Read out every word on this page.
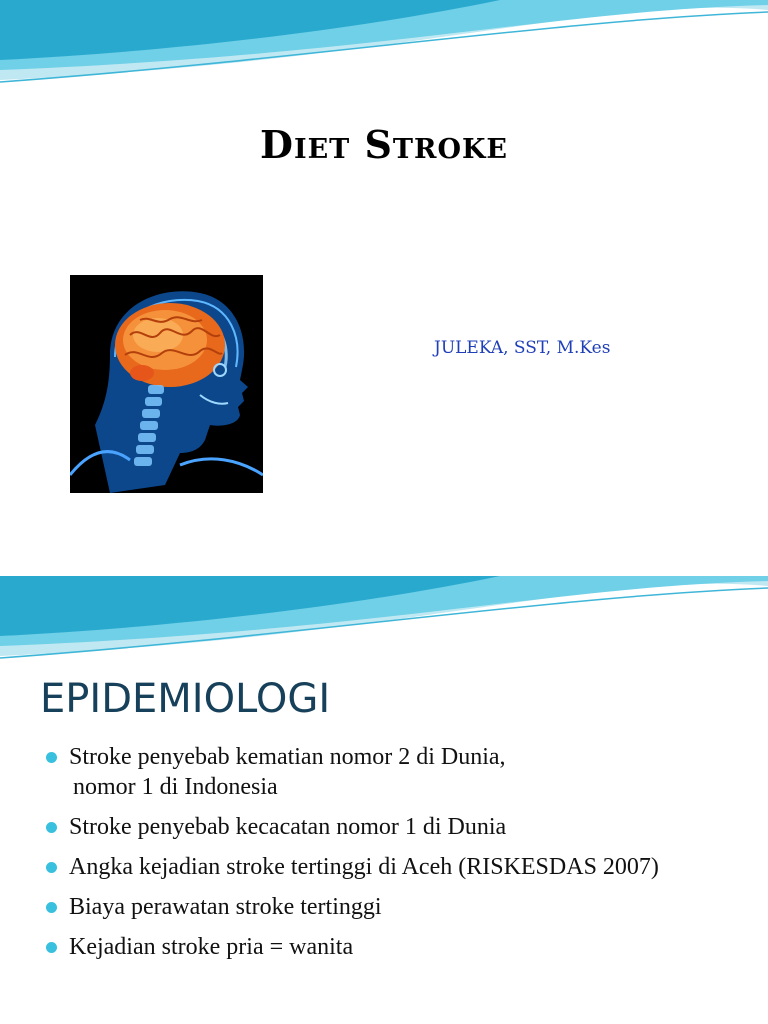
Diet Stroke
JULEKA, SST, M.Kes
EPIDEMIOLOGI
Stroke penyebab kematian nomor 2 di Dunia,
nomor 1 di Indonesia
Stroke penyebab kecacatan nomor 1 di Dunia
Angka kejadian stroke tertinggi di Aceh (RISKESDAS 2007)
Biaya perawatan stroke tertinggi
Kejadian stroke pria = wanita
